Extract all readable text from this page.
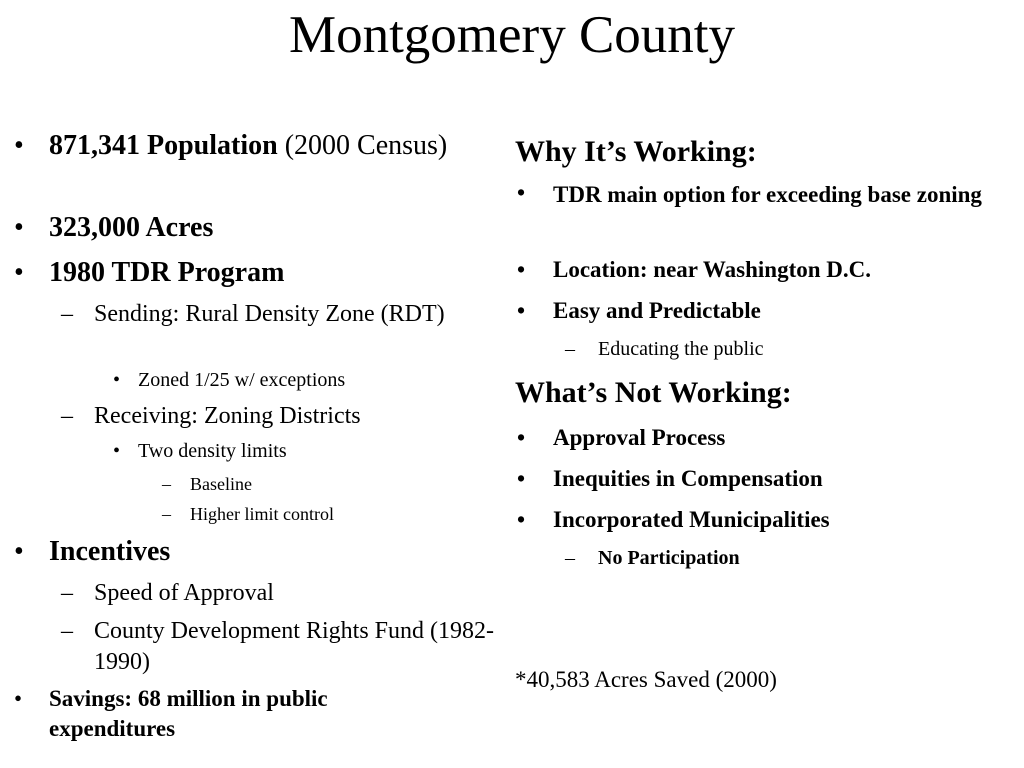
Montgomery County
• 871,341 Population (2000 Census)
• 323,000 Acres
• 1980 TDR Program
– Sending: Rural Density Zone (RDT)
• Zoned 1/25 w/ exceptions
– Receiving: Zoning Districts
• Two density limits
– Baseline
– Higher limit control
• Incentives
– Speed of Approval
– County Development Rights Fund (1982-1990)
• Savings: 68 million in public expenditures
Why It’s Working:
• TDR main option for exceeding base zoning
• Location: near Washington D.C.
• Easy and Predictable
– Educating the public
What’s Not Working:
• Approval Process
• Inequities in Compensation
• Incorporated Municipalities
– No Participation
*40,583 Acres Saved (2000)
